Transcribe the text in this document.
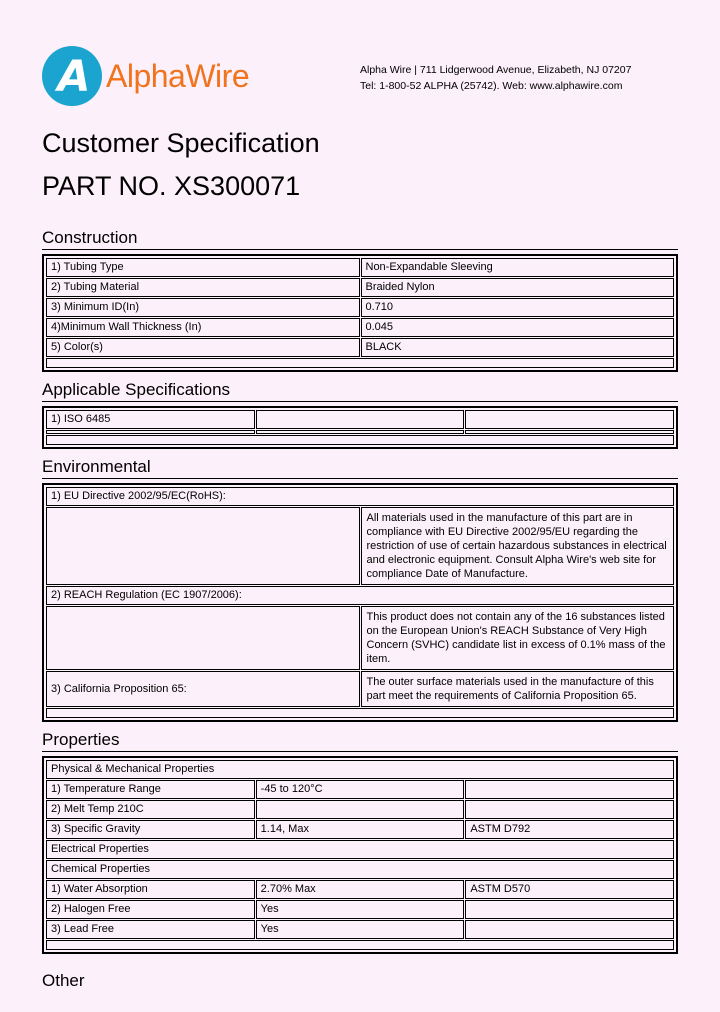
A AlphaWire	Alpha Wire | 711 Lidgerwood Avenue, Elizabeth, NJ 07207
Tel: 1-800-52 ALPHA (25742). Web: www.alphawire.com
Customer Specification
PART NO. XS300071
Construction
1) Tubing Type	Non-Expandable Sleeving
2) Tubing Material	Braided Nylon
3) Minimum ID(In)	0.710
4)Minimum Wall Thickness (In)	0.045
5) Color(s)	BLACK

Applicable Specifications
1) ISO 6485		

Environmental
1) EU Directive 2002/95/EC(RoHS):	
	All materials used in the manufacture of this part are in compliance with EU Directive 2002/95/EU regarding the restriction of use of certain hazardous substances in electrical and electronic equipment. Consult Alpha Wire's web site for compliance Date of Manufacture.
2) REACH Regulation (EC 1907/2006):	
	This product does not contain any of the 16 substances listed on the European Union's REACH Substance of Very High Concern (SVHC) candidate list in excess of 0.1% mass of the item.
3) California Proposition 65:	The outer surface materials used in the manufacture of this part meet the requirements of California Proposition 65.

Properties
Physical & Mechanical Properties		
1) Temperature Range	-45 to 120°C	
2) Melt Temp 210C		
3) Specific Gravity	1.14, Max	ASTM D792
Electrical Properties		
Chemical Properties		
1) Water Absorption	2.70% Max	ASTM D570
2) Halogen Free	Yes	
3) Lead Free	Yes	

Other
